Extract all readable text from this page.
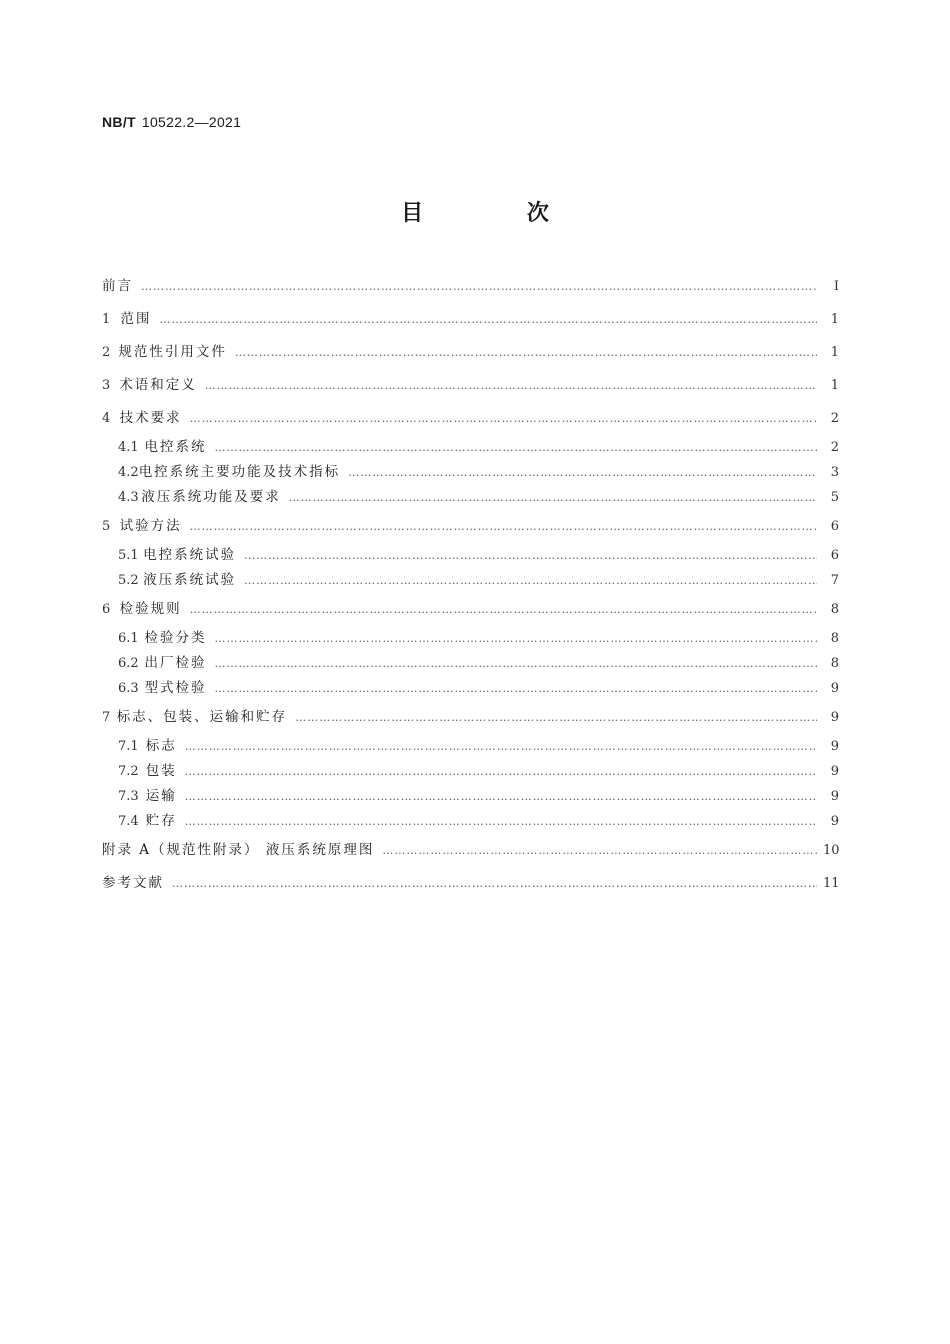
NB/T 10522.2—2021

目 次
前言 ……………………………………………………………………………………………………………………………………………………………………………………………………	Ⅰ
1 范围 ……………………………………………………………………………………………………………………………………………………………………………………………………	1
2 规范性引用文件 ……………………………………………………………………………………………………………………………………………………………………………………………………	1
3 术语和定义 ……………………………………………………………………………………………………………………………………………………………………………………………………	1
4 技术要求 ……………………………………………………………………………………………………………………………………………………………………………………………………	2
4.1 电控系统 ……………………………………………………………………………………………………………………………………………………………………………………………………	2
4.2 电控系统主要功能及技术指标 ……………………………………………………………………………………………………………………………………………………………………………………………………	3
4.3 液压系统功能及要求 ……………………………………………………………………………………………………………………………………………………………………………………………………	5
5 试验方法 ……………………………………………………………………………………………………………………………………………………………………………………………………	6
5.1 电控系统试验 ……………………………………………………………………………………………………………………………………………………………………………………………………	6
5.2 液压系统试验 ……………………………………………………………………………………………………………………………………………………………………………………………………	7
6 检验规则 ……………………………………………………………………………………………………………………………………………………………………………………………………	8
6.1 检验分类 ……………………………………………………………………………………………………………………………………………………………………………………………………	8
6.2 出厂检验 ……………………………………………………………………………………………………………………………………………………………………………………………………	8
6.3 型式检验 ……………………………………………………………………………………………………………………………………………………………………………………………………	9
7 标志、包装、运输和贮存 ……………………………………………………………………………………………………………………………………………………………………………………………………	9
7.1 标志 ……………………………………………………………………………………………………………………………………………………………………………………………………	9
7.2 包装 ……………………………………………………………………………………………………………………………………………………………………………………………………	9
7.3 运输 ……………………………………………………………………………………………………………………………………………………………………………………………………	9
7.4 贮存 ……………………………………………………………………………………………………………………………………………………………………………………………………	9
附录 A（规范性附录） 液压系统原理图 ……………………………………………………………………………………………………………………………………………………………………………………………………	10
参考文献 ……………………………………………………………………………………………………………………………………………………………………………………………………	11
